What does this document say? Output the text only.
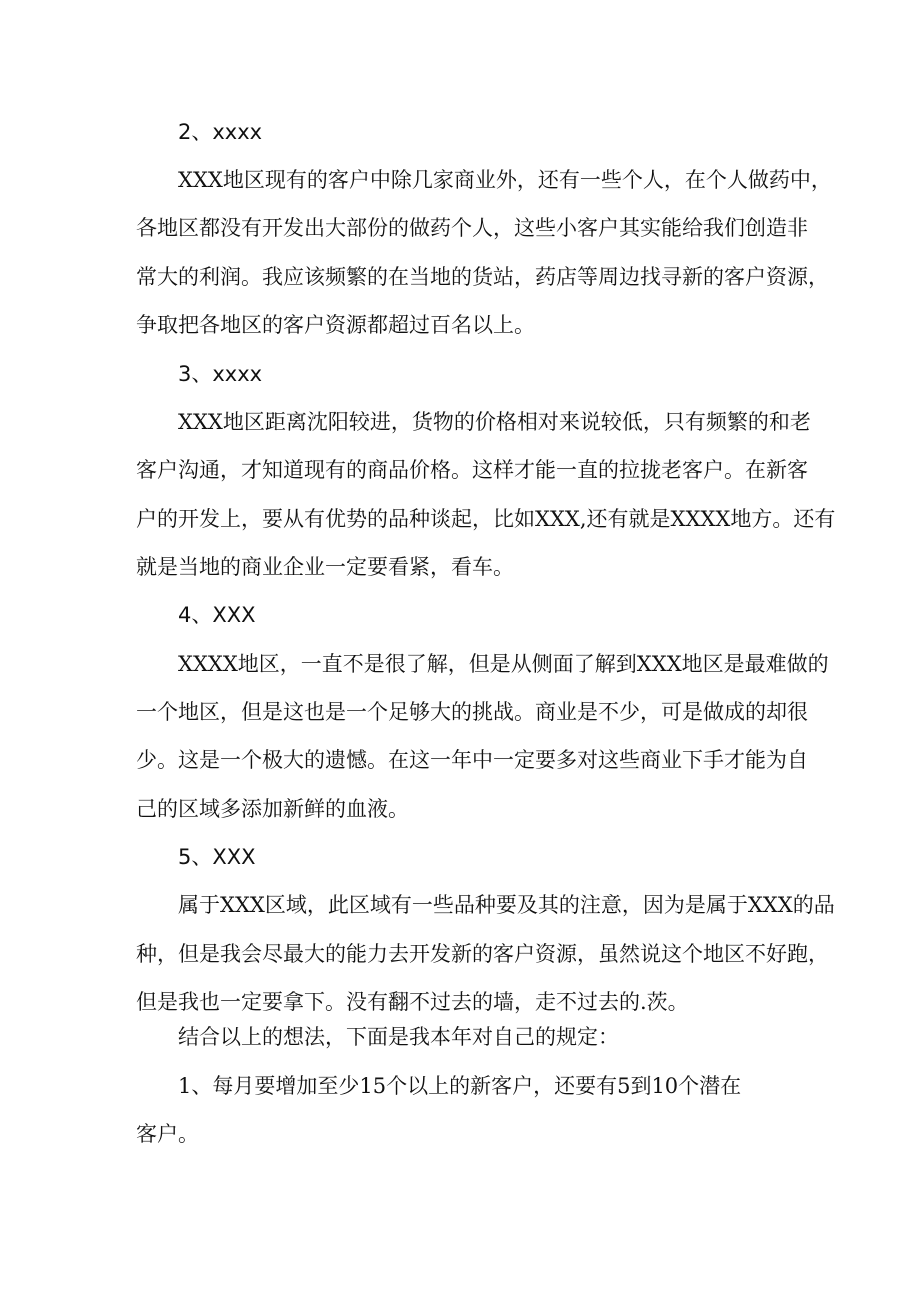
2、xxxx

XXX地区现有的客户中除几家商业外，还有一些个人，在个人做药中，

各地区都没有开发出大部份的做药个人，这些小客户其实能给我们创造非

常大的利润。我应该频繁的在当地的货站，药店等周边找寻新的客户资源，

争取把各地区的客户资源都超过百名以上。

3、xxxx

XXX地区距离沈阳较进，货物的价格相对来说较低，只有频繁的和老

客户沟通，才知道现有的商品价格。这样才能一直的拉拢老客户。在新客

户的开发上，要从有优势的品种谈起，比如XXX,还有就是XXXX地方。还有

就是当地的商业企业一定要看紧，看车。

4、XXX

XXXX地区，一直不是很了解，但是从侧面了解到XXX地区是最难做的

一个地区，但是这也是一个足够大的挑战。商业是不少，可是做成的却很

少。这是一个极大的遗憾。在这一年中一定要多对这些商业下手才能为自

己的区域多添加新鲜的血液。

5、XXX

属于XXX区域，此区域有一些品种要及其的注意，因为是属于XXX的品

种，但是我会尽最大的能力去开发新的客户资源，虽然说这个地区不好跑，

但是我也一定要拿下。没有翻不过去的墙，走不过去的.茨。

结合以上的想法，下面是我本年对自己的规定：

1、每月要增加至少15个以上的新客户，还要有5到10个潜在

客户。
